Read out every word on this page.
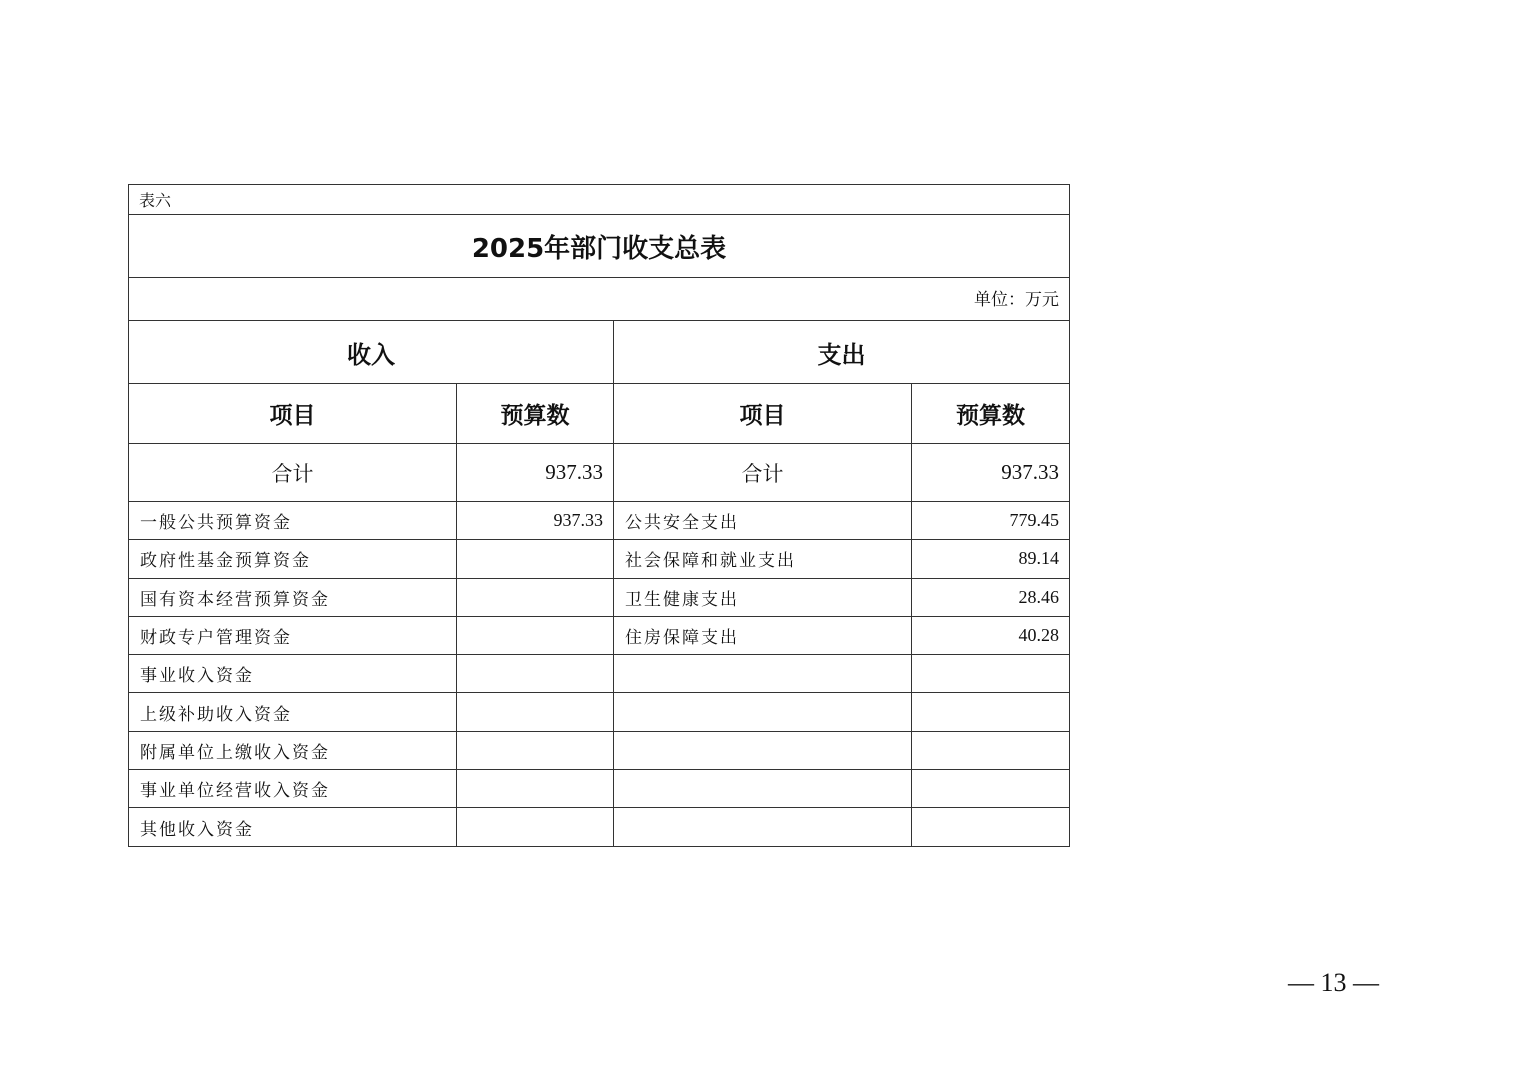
表六			
2025年部门收支总表			
单位：万元			
收入		支出	
项目	预算数	项目	预算数
合计	937.33	合计	937.33
一般公共预算资金	937.33	公共安全支出	779.45
政府性基金预算资金		社会保障和就业支出	89.14
国有资本经营预算资金		卫生健康支出	28.46
财政专户管理资金		住房保障支出	40.28
事业收入资金			
上级补助收入资金			
附属单位上缴收入资金			
事业单位经营收入资金			
其他收入资金			
— 13 —
